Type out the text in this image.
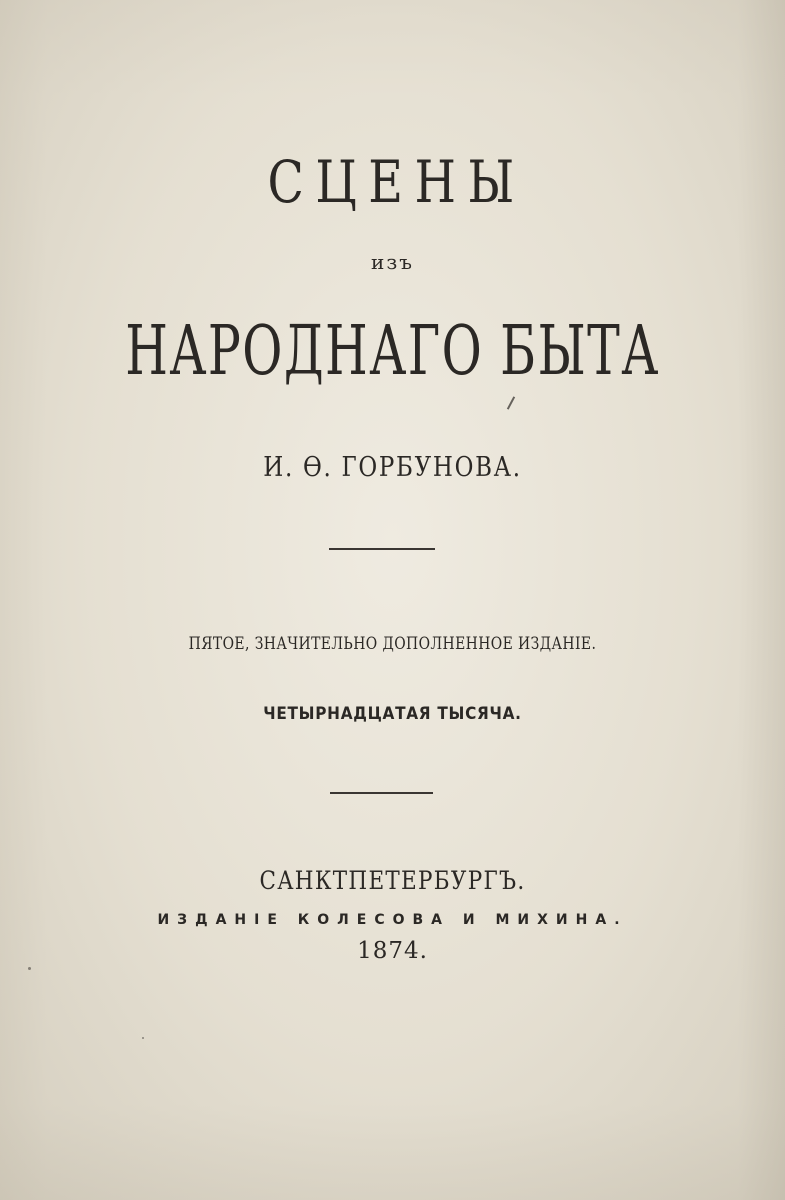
СЦЕНЫ
изъ
НАРОДНАГО БЫТА
И. Ѳ. ГОРБУНОВА.
ПЯТОЕ, ЗНАЧИТЕЛЬНО ДОПОЛНЕННОЕ ИЗДАНІЕ.
ЧЕТЫРНАДЦАТАЯ ТЫСЯЧА.
САНКТПЕТЕРБУРГЪ.
ИЗДАНІЕ КОЛЕСОВА И МИХИНА.
1874.
